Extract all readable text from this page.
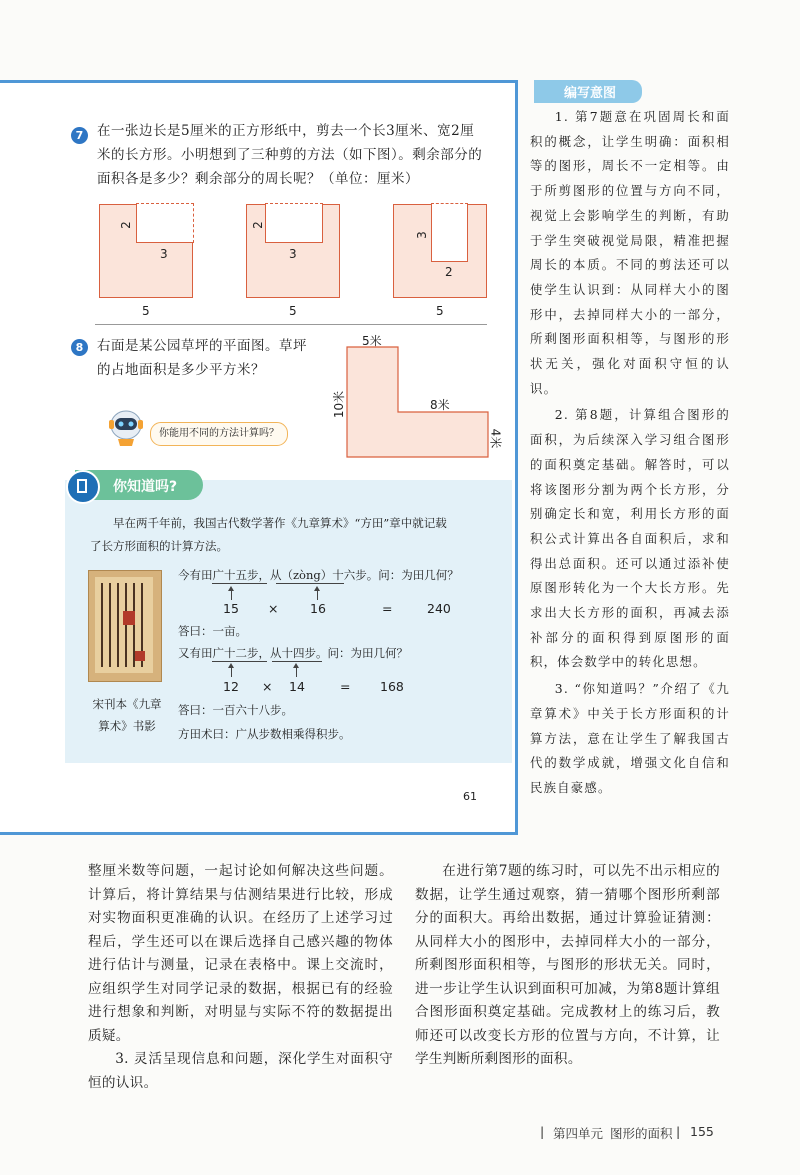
7	在一张边长是5厘米的正方形纸中，剪去一个长3厘米、宽2厘
米的长方形。小明想到了三种剪的方法（如下图）。剩余部分的
面积各是多少？剩余部分的周长呢？（单位：厘米）
2
3
5
2
3
5
3
2
5
8	右面是某公园草坪的平面图。草坪
的占地面积是多少平方米？
你能用不同的方法计算吗？
5米
10米	8米
4米
你知道吗?
早在两千年前，我国古代数学著作《九章算术》“方田”章中就记载
了长方形面积的计算方法。
宋刊本《九章
算术》书影
今有田广十五步，从（zòng）十六步。问：为田几何？
15 ×	16	=	240
答曰：一亩。
又有田广十二步，从十四步。问：为田几何？
12 × 14	= 168
答曰：一百六十八步。
方田术曰：广从步数相乘得积步。
61
编写意图

1. 第7题意在巩固周长和面积的概念，让学生明确：面积相等的图形，周长不一定相等。由于所剪图形的位置与方向不同，视觉上会影响学生的判断，有助于学生突破视觉局限，精准把握周长的本质。不同的剪法还可以使学生认识到：从同样大小的图形中，去掉同样大小的一部分，所剩图形面积相等，与图形的形状无关，强化对面积守恒的认识。

2. 第8题，计算组合图形的面积，为后续深入学习组合图形的面积奠定基础。解答时，可以将该图形分割为两个长方形，分别确定长和宽，利用长方形的面积公式计算出各自面积后，求和得出总面积。还可以通过添补使原图形转化为一个大长方形。先求出大长方形的面积，再减去添补部分的面积得到原图形的面积，体会数学中的转化思想。

3. “你知道吗？”介绍了《九章算术》中关于长方形面积的计算方法，意在让学生了解我国古代的数学成就，增强文化自信和民族自豪感。

整厘米数等问题，一起讨论如何解决这些问题。计算后，将计算结果与估测结果进行比较，形成对实物面积更准确的认识。在经历了上述学习过程后，学生还可以在课后选择自己感兴趣的物体进行估计与测量，记录在表格中。课上交流时，应组织学生对同学记录的数据，根据已有的经验进行想象和判断，对明显与实际不符的数据提出质疑。

3. 灵活呈现信息和问题，深化学生对面积守恒的认识。

在进行第7题的练习时，可以先不出示相应的数据，让学生通过观察，猜一猜哪个图形所剩部分的面积大。再给出数据，通过计算验证猜测：从同样大小的图形中，去掉同样大小的一部分，所剩图形面积相等，与图形的形状无关。同时，进一步让学生认识到面积可加减，为第8题计算组合图形面积奠定基础。完成教材上的练习后，教师还可以改变长方形的位置与方向，不计算，让学生判断所剩图形的面积。

| 第四单元 图形的面积 | 155
